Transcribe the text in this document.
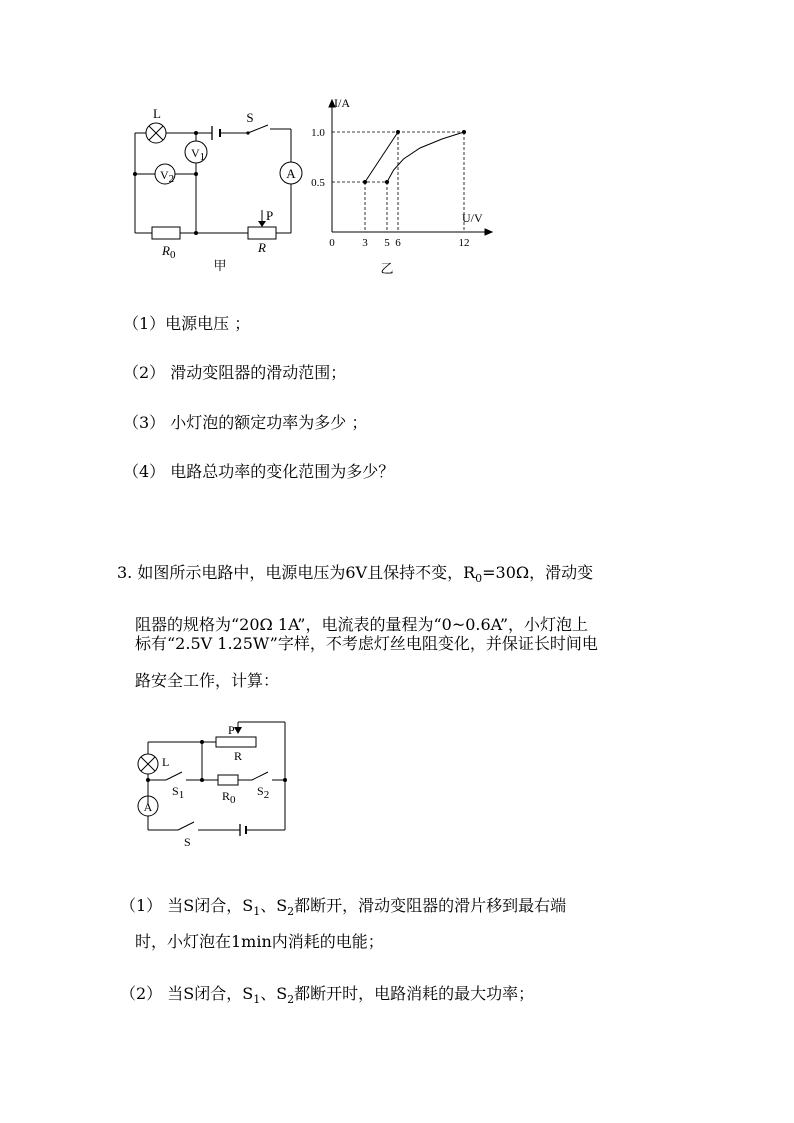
L	S
V1
V2	A
P
R
$R_0$
甲
0	3 5 6	12
0.5
1.0
I/A
U/V
乙
（1）电源电压 ；
（2） 滑动变阻器的滑动范围；
（3） 小灯泡的额定功率为多少 ；
（4） 电路总功率的变化范围为多少？
3. 如图所示电路中，电源电压为6V且保持不变，$R_0=30\Omega$，滑动变
阻器的规格为“20Ω 1A”，电流表的量程为“0~0.6A”，小灯泡上
标有“2.5V 1.25W”字样，不考虑灯丝电阻变化，并保证长时间电
路安全工作，计算：
P
R
L
A
S1	R0
S2
S
（1） 当S闭合，$S_1$、$S_2$都断开，滑动变阻器的滑片移到最右端
时，小灯泡在1min内消耗的电能；
（2） 当S闭合，$S_1$、$S_2$都断开时，电路消耗的最大功率；
